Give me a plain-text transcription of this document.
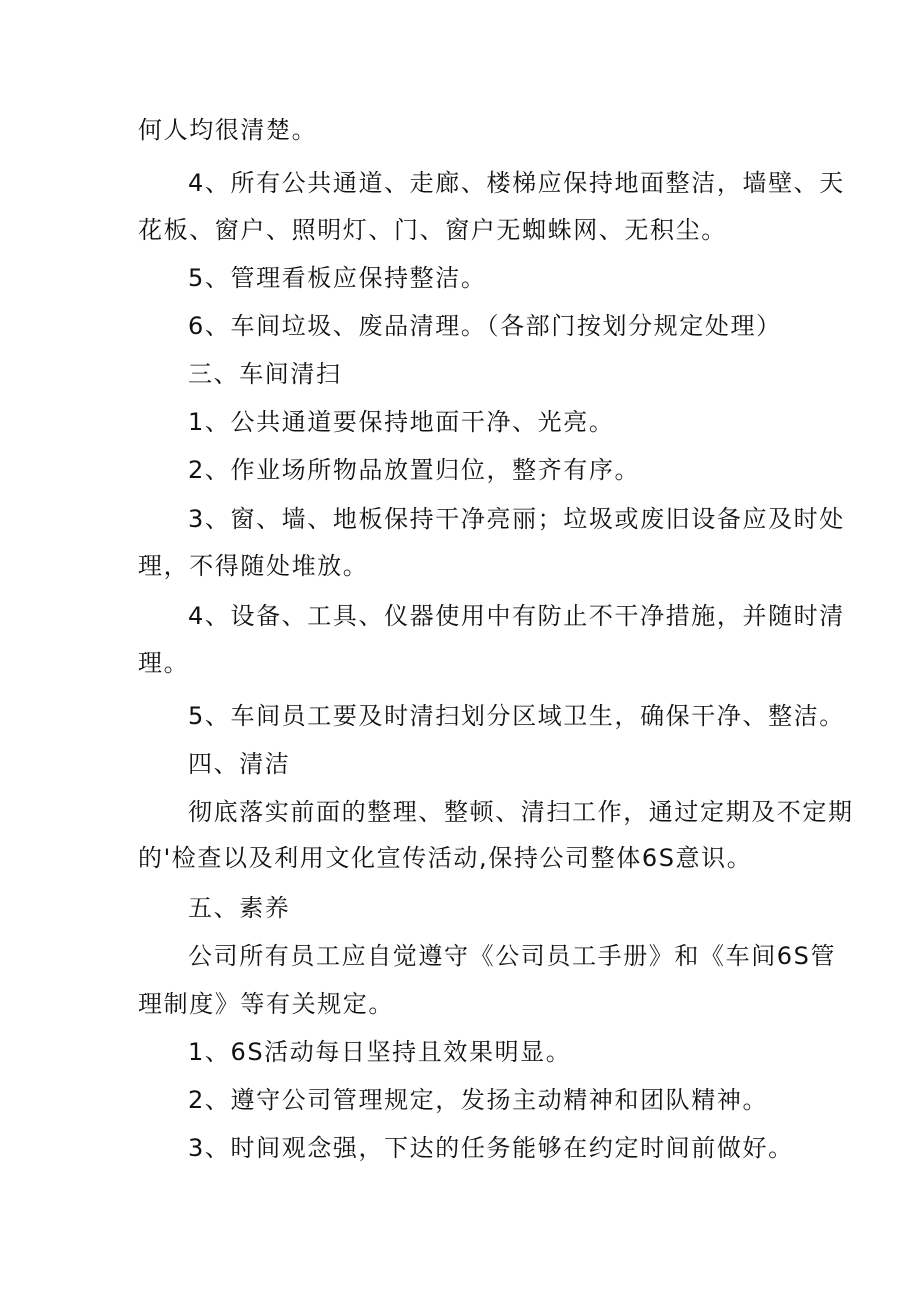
何人均很清楚。
4、所有公共通道、走廊、楼梯应保持地面整洁，墙壁、天
花板、窗户、照明灯、门、窗户无蜘蛛网、无积尘。
5、管理看板应保持整洁。
6、车间垃圾、废品清理。（各部门按划分规定处理）
三、车间清扫
1、公共通道要保持地面干净、光亮。
2、作业场所物品放置归位，整齐有序。
3、窗、墙、地板保持干净亮丽；垃圾或废旧设备应及时处
理，不得随处堆放。
4、设备、工具、仪器使用中有防止不干净措施，并随时清
理。
5、车间员工要及时清扫划分区域卫生，确保干净、整洁。
四、清洁
彻底落实前面的整理、整顿、清扫工作，通过定期及不定期
的'检查以及利用文化宣传活动,保持公司整体6S意识。
五、素养
公司所有员工应自觉遵守《公司员工手册》和《车间6S管
理制度》等有关规定。
1、6S活动每日坚持且效果明显。
2、遵守公司管理规定，发扬主动精神和团队精神。
3、时间观念强，下达的任务能够在约定时间前做好。
